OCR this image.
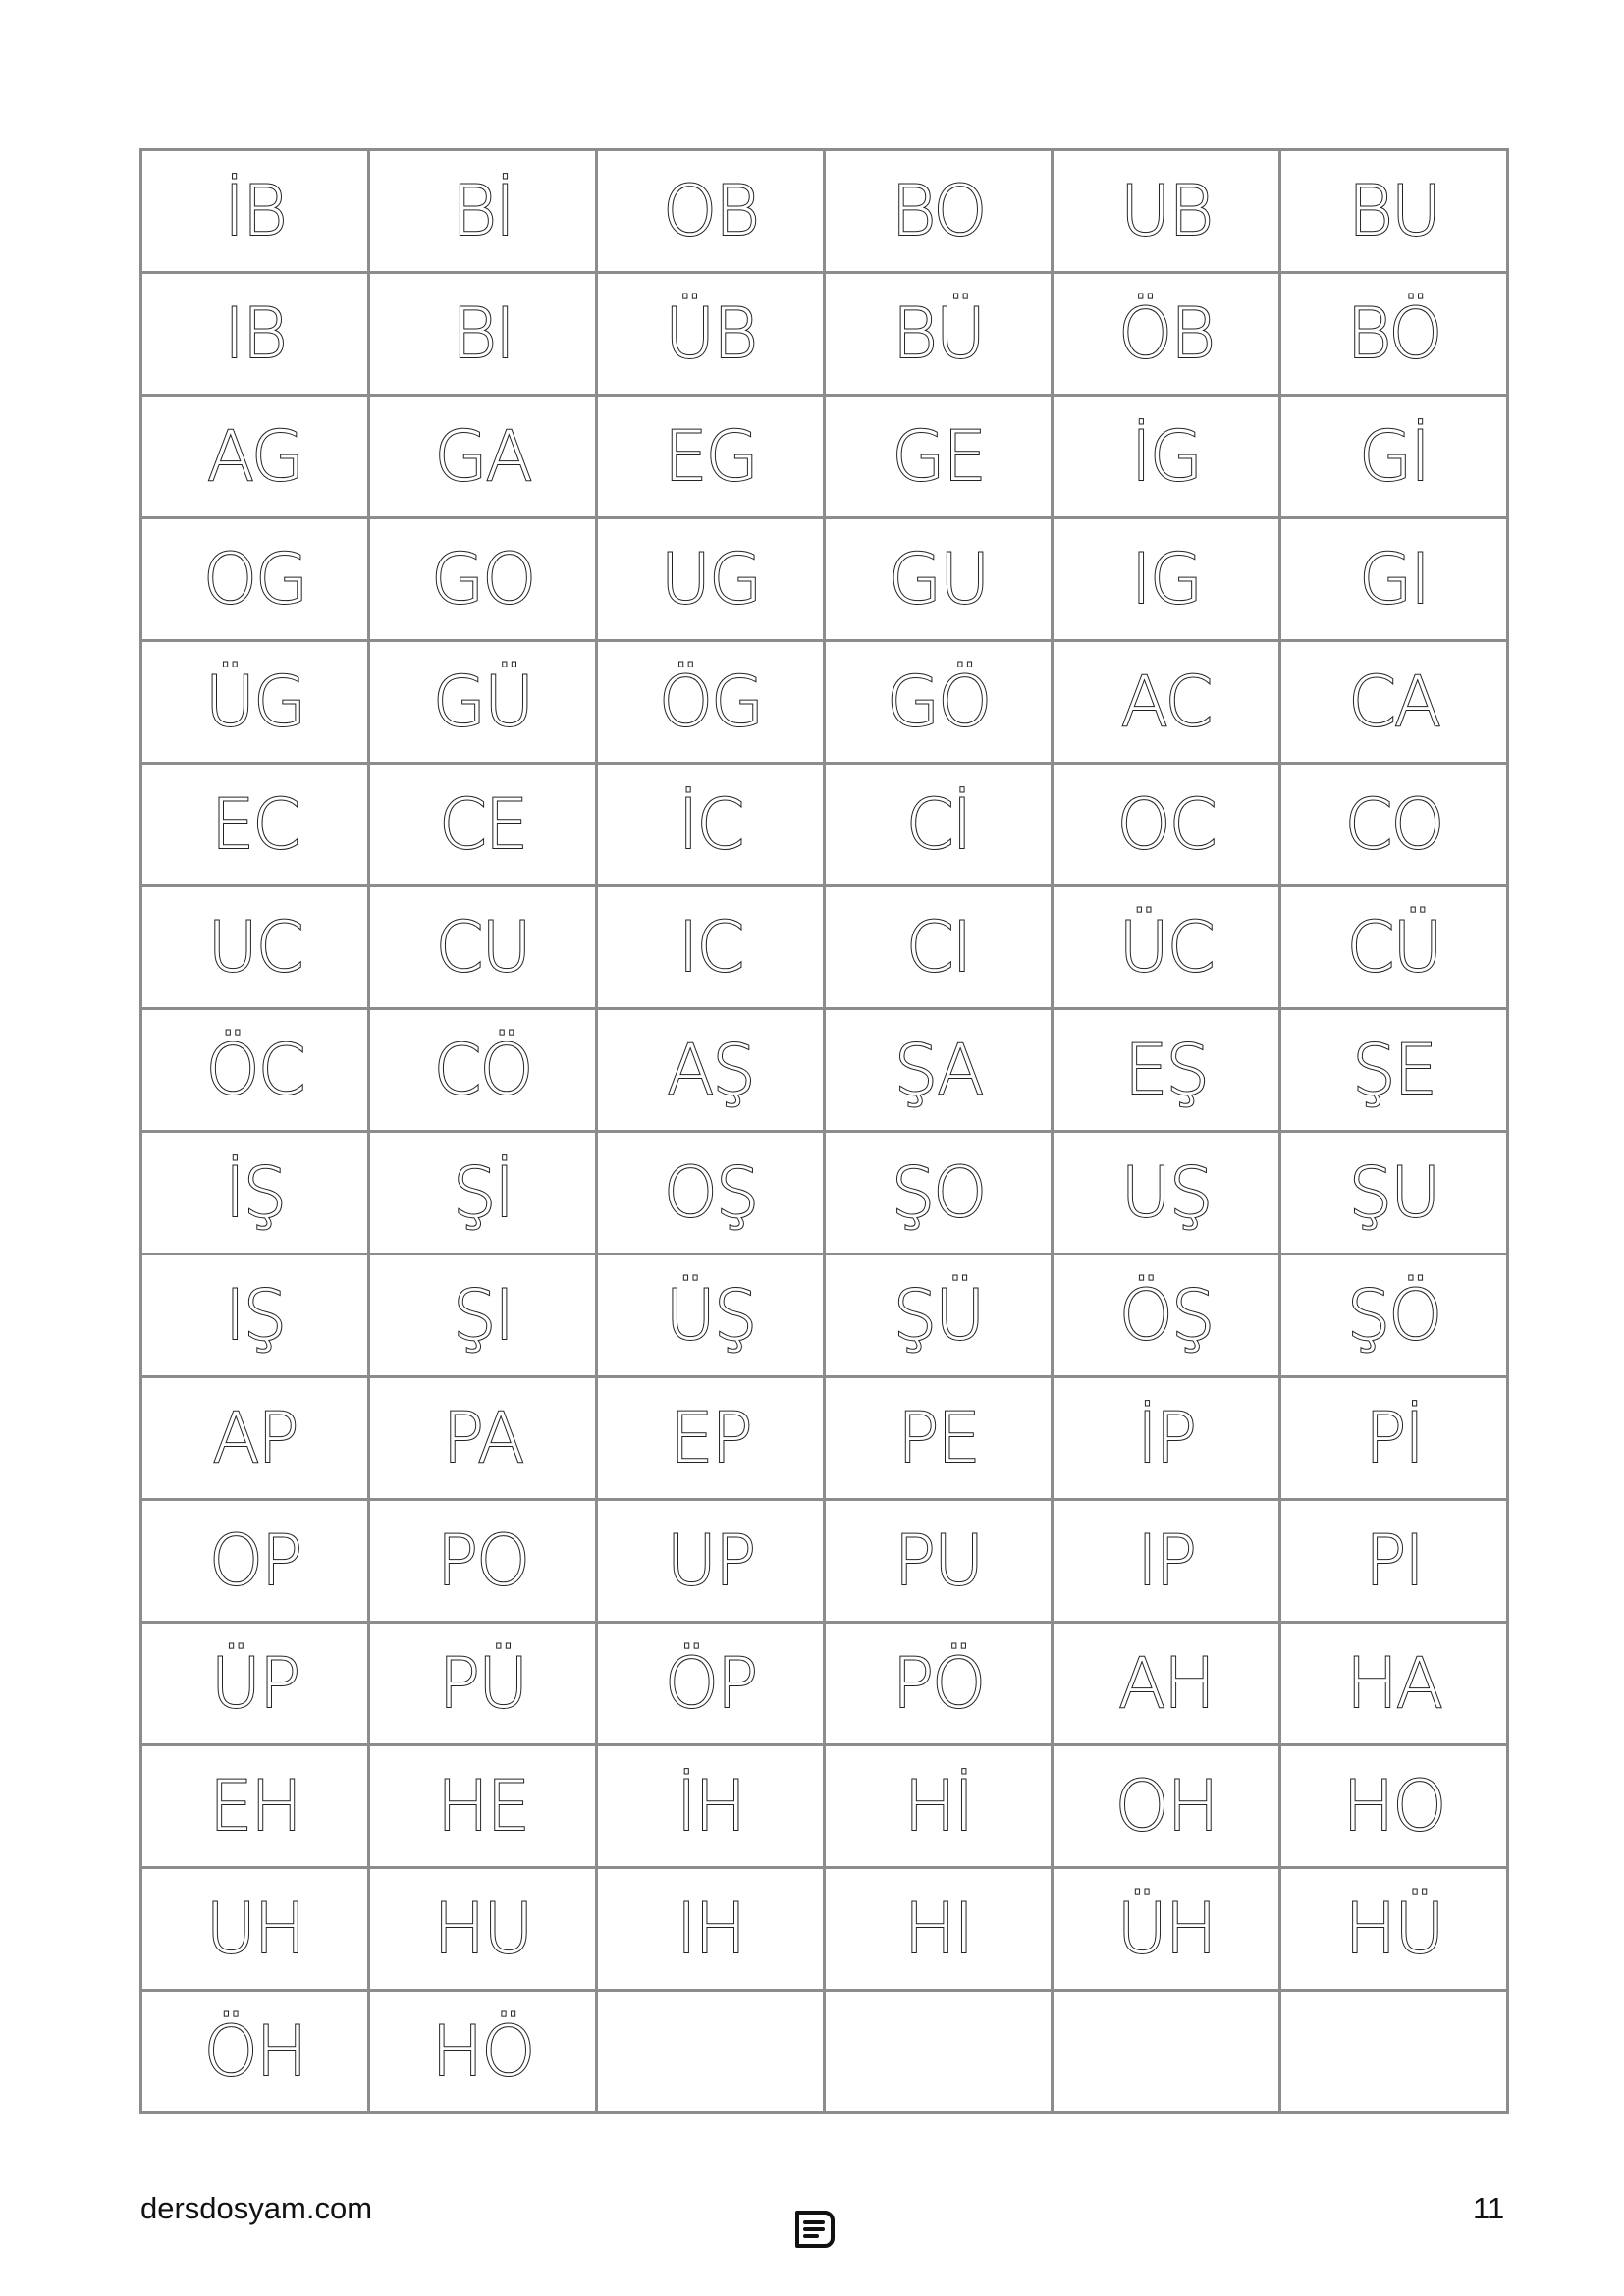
İB	Bİ	OB	BO	UB	BU

IB	BI	ÜB	BÜ	ÖB	BÖ

AG	GA	EG	GE	İG	Gİ

OG	GO	UG	GU	IG	GI

ÜG	GÜ	ÖG	GÖ	AC	CA

EC	CE	İC	Cİ	OC	CO

UC	CU	IC	CI	ÜC	CÜ

ÖC	CÖ	AŞ	ŞA	EŞ	ŞE

İŞ	Şİ	OŞ	ŞO	UŞ	ŞU

IŞ	ŞI	ÜŞ	ŞÜ	ÖŞ	ŞÖ

AP	PA	EP	PE	İP	Pİ

OP	PO	UP	PU	IP	PI

ÜP	PÜ	ÖP	PÖ	AH	HA

EH	HE	İH	Hİ	OH	HO

UH	HU	IH	HI	ÜH	HÜ

ÖH	HÖ				

dersdosyam.com	11
